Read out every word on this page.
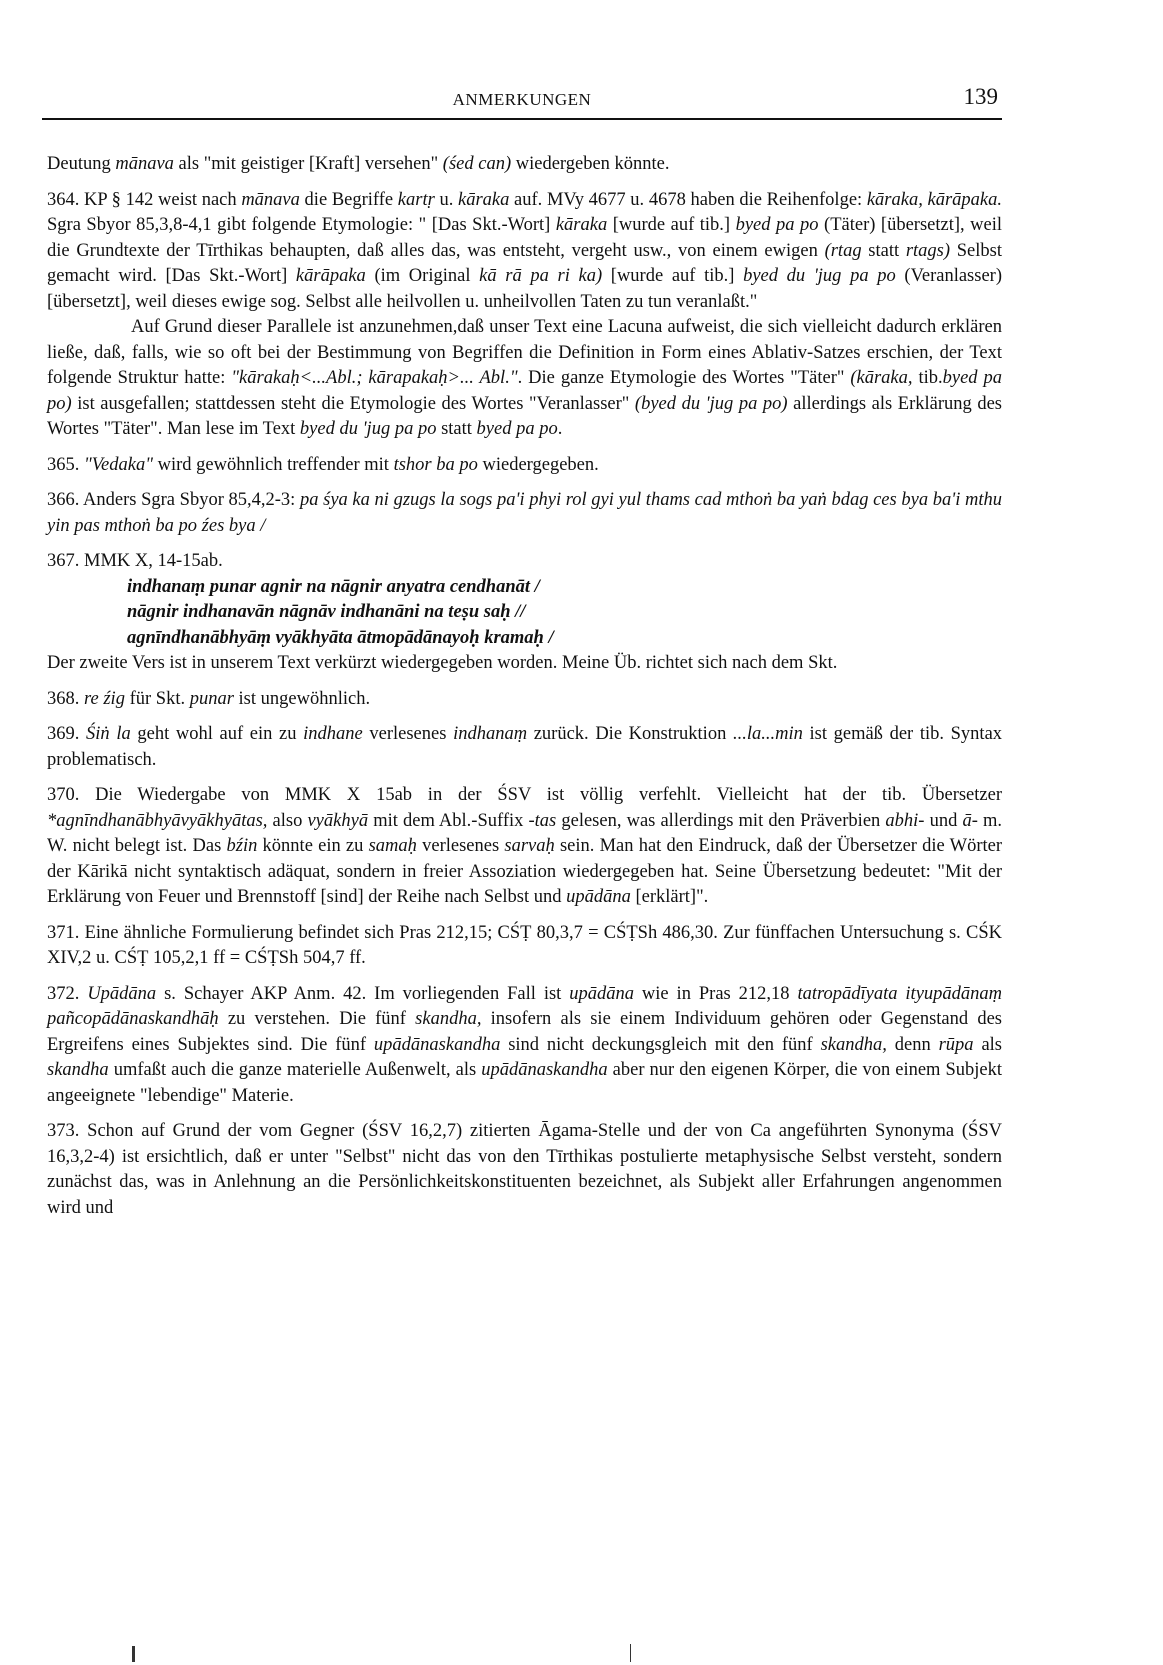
ANMERKUNGEN	139

Deutung mānava als "mit geistiger [Kraft] versehen" (śed can) wiedergeben könnte.

364. KP § 142 weist nach mānava die Begriffe kartṛ u. kāraka auf. MVy 4677 u. 4678 haben die Reihenfolge: kāraka, kārāpaka. Sgra Sbyor 85,3,8-4,1 gibt folgende Etymologie: " [Das Skt.-Wort] kāraka [wurde auf tib.] byed pa po (Täter) [übersetzt], weil die Grundtexte der Tīrthikas behaupten, daß alles das, was entsteht, vergeht usw., von einem ewigen (rtag statt rtags) Selbst gemacht wird. [Das Skt.-Wort] kārāpaka (im Original kā rā pa ri ka) [wurde auf tib.] byed du 'jug pa po (Veranlasser) [übersetzt], weil dieses ewige sog. Selbst alle heilvollen u. unheilvollen Taten zu tun veranlaßt."

Auf Grund dieser Parallele ist anzunehmen,daß unser Text eine Lacuna aufweist, die sich vielleicht dadurch erklären ließe, daß, falls, wie so oft bei der Bestimmung von Begriffen die Definition in Form eines Ablativ-Satzes erschien, der Text folgende Struktur hatte: "kārakaḥ<...Abl.; kārapakaḥ>... Abl.". Die ganze Etymologie des Wortes "Täter" (kāraka, tib.byed pa po) ist ausgefallen; stattdessen steht die Etymologie des Wortes "Veranlasser" (byed du 'jug pa po) allerdings als Erklärung des Wortes "Täter". Man lese im Text byed du 'jug pa po statt byed pa po.

365. "Vedaka" wird gewöhnlich treffender mit tshor ba po wiedergegeben.

366. Anders Sgra Sbyor 85,4,2-3: pa śya ka ni gzugs la sogs pa'i phyi rol gyi yul thams cad mthoṅ ba yaṅ bdag ces bya ba'i mthu yin pas mthoṅ ba po źes bya /

367. MMK X, 14-15ab.

indhanaṃ punar agnir na nāgnir anyatra cendhanāt /
nāgnir indhanavān nāgnāv indhanāni na teṣu saḥ //
agnīndhanābhyāṃ vyākhyāta ātmopādānayoḥ kramaḥ /

Der zweite Vers ist in unserem Text verkürzt wiedergegeben worden. Meine Üb. richtet sich nach dem Skt.

368. re źig für Skt. punar ist ungewöhnlich.

369. Śiṅ la geht wohl auf ein zu indhane verlesenes indhanaṃ zurück. Die Konstruktion ...la...min ist gemäß der tib. Syntax problematisch.

370. Die Wiedergabe von MMK X 15ab in der ŚSV ist völlig verfehlt. Vielleicht hat der tib. Übersetzer *agnīndhanābhyāvyākhyātas, also vyākhyā mit dem Abl.-Suffix -tas gelesen, was allerdings mit den Präverbien abhi- und ā- m. W. nicht belegt ist. Das bźin könnte ein zu samaḥ verlesenes sarvaḥ sein. Man hat den Eindruck, daß der Übersetzer die Wörter der Kārikā nicht syntaktisch adäquat, sondern in freier Assoziation wiedergegeben hat. Seine Übersetzung bedeutet: "Mit der Erklärung von Feuer und Brennstoff [sind] der Reihe nach Selbst und upādāna [erklärt]".

371. Eine ähnliche Formulierung befindet sich Pras 212,15; CŚṬ 80,3,7 = CŚṬSh 486,30. Zur fünffachen Untersuchung s. CŚK XIV,2 u. CŚṬ 105,2,1 ff = CŚṬSh 504,7 ff.

372. Upādāna s. Schayer AKP Anm. 42. Im vorliegenden Fall ist upādāna wie in Pras 212,18 tatropādīyata ityupādānaṃ pañcopādānaskandhāḥ zu verstehen. Die fünf skandha, insofern als sie einem Individuum gehören oder Gegenstand des Ergreifens eines Subjektes sind. Die fünf upādānaskandha sind nicht deckungsgleich mit den fünf skandha, denn rūpa als skandha umfaßt auch die ganze materielle Außenwelt, als upādānaskandha aber nur den eigenen Körper, die von einem Subjekt angeeignete "lebendige" Materie.

373. Schon auf Grund der vom Gegner (ŚSV 16,2,7) zitierten Āgama-Stelle und der von Ca angeführten Synonyma (ŚSV 16,3,2-4) ist ersichtlich, daß er unter "Selbst" nicht das von den Tīrthikas postulierte metaphysische Selbst versteht, sondern zunächst das, was in Anlehnung an die Persönlichkeitskonstituenten bezeichnet, als Subjekt aller Erfahrungen angenommen wird und
